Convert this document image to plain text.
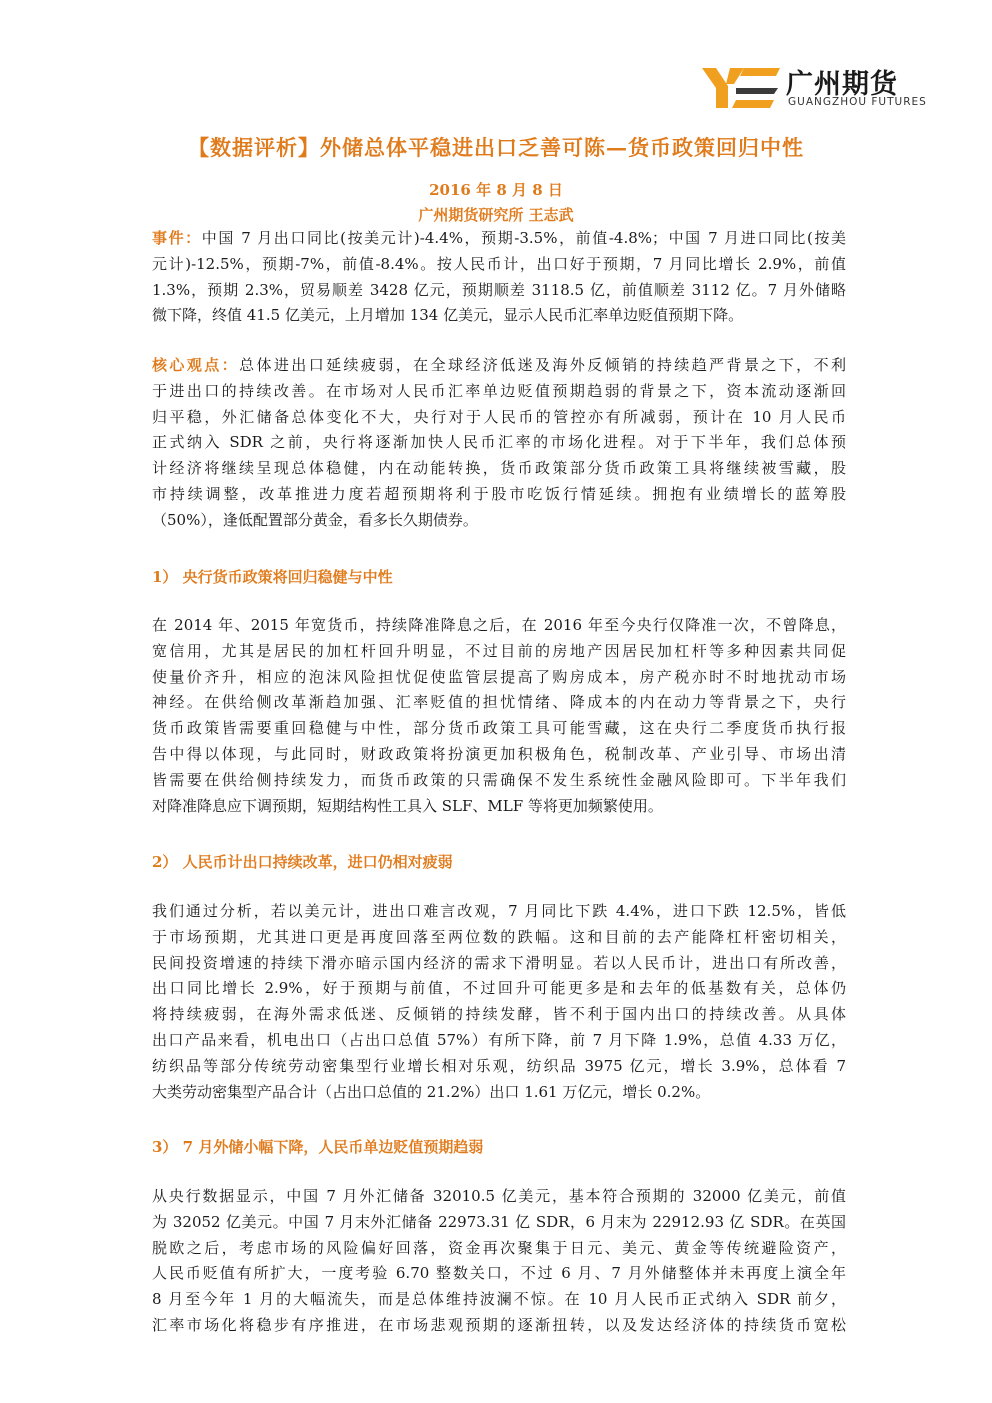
广州期货
GUANGZHOU FUTURES
【数据评析】外储总体平稳进出口乏善可陈—货币政策回归中性
2016 年 8 月 8 日
广州期货研究所 王志武
事件：中国 7 月出口同比(按美元计)-4.4%，预期-3.5%，前值-4.8%；中国 7 月进口同比(按美
元计)-12.5%，预期-7%，前值-8.4%。按人民币计，出口好于预期，7 月同比增长 2.9%，前值
1.3%，预期 2.3%，贸易顺差 3428 亿元，预期顺差 3118.5 亿，前值顺差 3112 亿。7 月外储略
微下降，终值 41.5 亿美元，上月增加 134 亿美元，显示人民币汇率单边贬值预期下降。
核心观点：总体进出口延续疲弱，在全球经济低迷及海外反倾销的持续趋严背景之下，不利
于进出口的持续改善。在市场对人民币汇率单边贬值预期趋弱的背景之下，资本流动逐渐回
归平稳，外汇储备总体变化不大，央行对于人民币的管控亦有所减弱，预计在 10 月人民币
正式纳入 SDR 之前，央行将逐渐加快人民币汇率的市场化进程。对于下半年，我们总体预
计经济将继续呈现总体稳健，内在动能转换，货币政策部分货币政策工具将继续被雪藏，股
市持续调整，改革推进力度若超预期将利于股市吃饭行情延续。拥抱有业绩增长的蓝筹股
（50%），逢低配置部分黄金，看多长久期债券。
1） 央行货币政策将回归稳健与中性
在 2014 年、2015 年宽货币，持续降准降息之后，在 2016 年至今央行仅降准一次，不曾降息，
宽信用，尤其是居民的加杠杆回升明显，不过目前的房地产因居民加杠杆等多种因素共同促
使量价齐升，相应的泡沫风险担忧促使监管层提高了购房成本，房产税亦时不时地扰动市场
神经。在供给侧改革渐趋加强、汇率贬值的担忧情绪、降成本的内在动力等背景之下，央行
货币政策皆需要重回稳健与中性，部分货币政策工具可能雪藏，这在央行二季度货币执行报
告中得以体现，与此同时，财政政策将扮演更加积极角色，税制改革、产业引导、市场出清
皆需要在供给侧持续发力，而货币政策的只需确保不发生系统性金融风险即可。下半年我们
对降准降息应下调预期，短期结构性工具入 SLF、MLF 等将更加频繁使用。
2） 人民币计出口持续改革，进口仍相对疲弱
我们通过分析，若以美元计，进出口难言改观，7 月同比下跌 4.4%，进口下跌 12.5%，皆低
于市场预期，尤其进口更是再度回落至两位数的跌幅。这和目前的去产能降杠杆密切相关，
民间投资增速的持续下滑亦暗示国内经济的需求下滑明显。若以人民币计，进出口有所改善，
出口同比增长 2.9%，好于预期与前值，不过回升可能更多是和去年的低基数有关，总体仍
将持续疲弱，在海外需求低迷、反倾销的持续发酵，皆不利于国内出口的持续改善。从具体
出口产品来看，机电出口（占出口总值 57%）有所下降，前 7 月下降 1.9%，总值 4.33 万亿，
纺织品等部分传统劳动密集型行业增长相对乐观，纺织品 3975 亿元，增长 3.9%，总体看 7
大类劳动密集型产品合计（占出口总值的 21.2%）出口 1.61 万亿元，增长 0.2%。
3） 7 月外储小幅下降，人民币单边贬值预期趋弱
从央行数据显示，中国 7 月外汇储备 32010.5 亿美元，基本符合预期的 32000 亿美元，前值
为 32052 亿美元。中国 7 月末外汇储备 22973.31 亿 SDR，6 月末为 22912.93 亿 SDR。在英国
脱欧之后，考虑市场的风险偏好回落，资金再次聚集于日元、美元、黄金等传统避险资产，
人民币贬值有所扩大，一度考验 6.70 整数关口，不过 6 月、7 月外储整体并未再度上演全年
8 月至今年 1 月的大幅流失，而是总体维持波澜不惊。在 10 月人民币正式纳入 SDR 前夕，
汇率市场化将稳步有序推进，在市场悲观预期的逐渐扭转，以及发达经济体的持续货币宽松
